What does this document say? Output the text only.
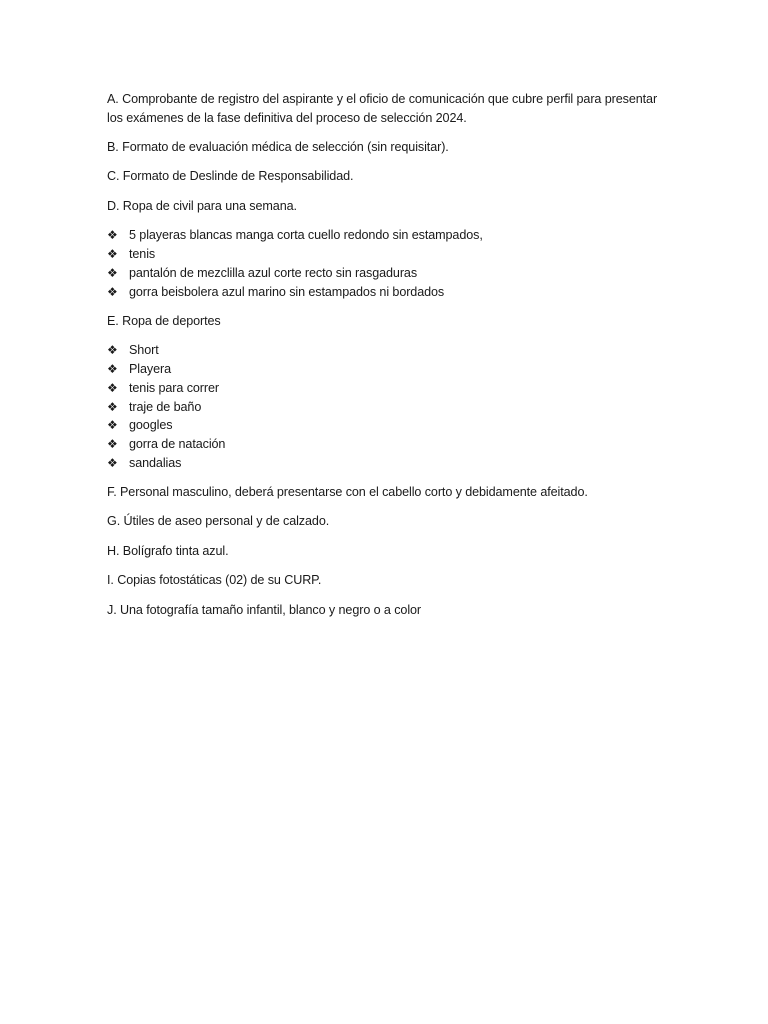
A. Comprobante de registro del aspirante y el oficio de comunicación que cubre perfil para presentar los exámenes de la fase definitiva del proceso de selección 2024.

B. Formato de evaluación médica de selección (sin requisitar).

C. Formato de Deslinde de Responsabilidad.

D. Ropa de civil para una semana.

❖ 5 playeras blancas manga corta cuello redondo sin estampados,
❖ tenis
❖ pantalón de mezclilla azul corte recto sin rasgaduras
❖ gorra beisbolera azul marino sin estampados ni bordados

E. Ropa de deportes

❖ Short
❖ Playera
❖ tenis para correr
❖ traje de baño
❖ googles
❖ gorra de natación
❖ sandalias

F. Personal masculino, deberá presentarse con el cabello corto y debidamente afeitado.

G. Útiles de aseo personal y de calzado.

H. Bolígrafo tinta azul.

I. Copias fotostáticas (02) de su CURP.

J. Una fotografía tamaño infantil, blanco y negro o a color
